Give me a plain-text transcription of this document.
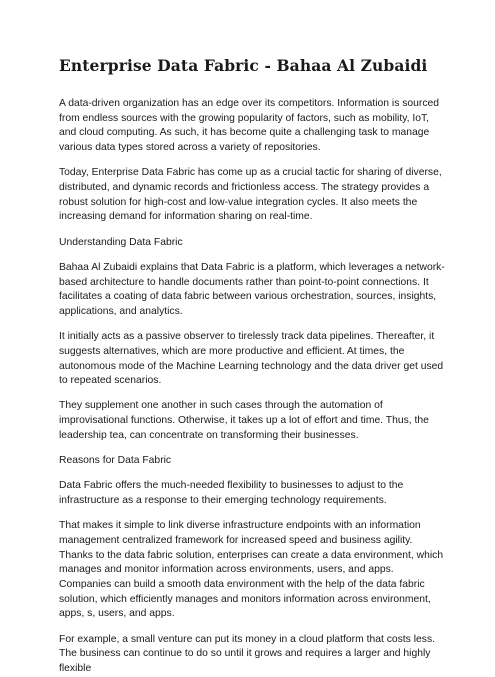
Enterprise Data Fabric - Bahaa Al Zubaidi

A data-driven organization has an edge over its competitors. Information is sourced from endless sources with the growing popularity of factors, such as mobility, IoT, and cloud computing. As such, it has become quite a challenging task to manage various data types stored across a variety of repositories.

Today, Enterprise Data Fabric has come up as a crucial tactic for sharing of diverse, distributed, and dynamic records and frictionless access. The strategy provides a robust solution for high-cost and low-value integration cycles. It also meets the increasing demand for information sharing on real-time.

Understanding Data Fabric

Bahaa Al Zubaidi explains that Data Fabric is a platform, which leverages a network-based architecture to handle documents rather than point-to-point connections. It facilitates a coating of data fabric between various orchestration, sources, insights, applications, and analytics.

It initially acts as a passive observer to tirelessly track data pipelines. Thereafter, it suggests alternatives, which are more productive and efficient. At times, the autonomous mode of the Machine Learning technology and the data driver get used to repeated scenarios.

They supplement one another in such cases through the automation of improvisational functions. Otherwise, it takes up a lot of effort and time. Thus, the leadership tea, can concentrate on transforming their businesses.

Reasons for Data Fabric

Data Fabric offers the much-needed flexibility to businesses to adjust to the infrastructure as a response to their emerging technology requirements.

That makes it simple to link diverse infrastructure endpoints with an information management centralized framework for increased speed and business agility. Thanks to the data fabric solution, enterprises can create a data environment, which manages and monitor information across environments, users, and apps. Companies can build a smooth data environment with the help of the data fabric solution, which efficiently manages and monitors information across environment, apps, s, users, and apps.

For example, a small venture can put its money in a cloud platform that costs less. The business can continue to do so until it grows and requires a larger and highly flexible
